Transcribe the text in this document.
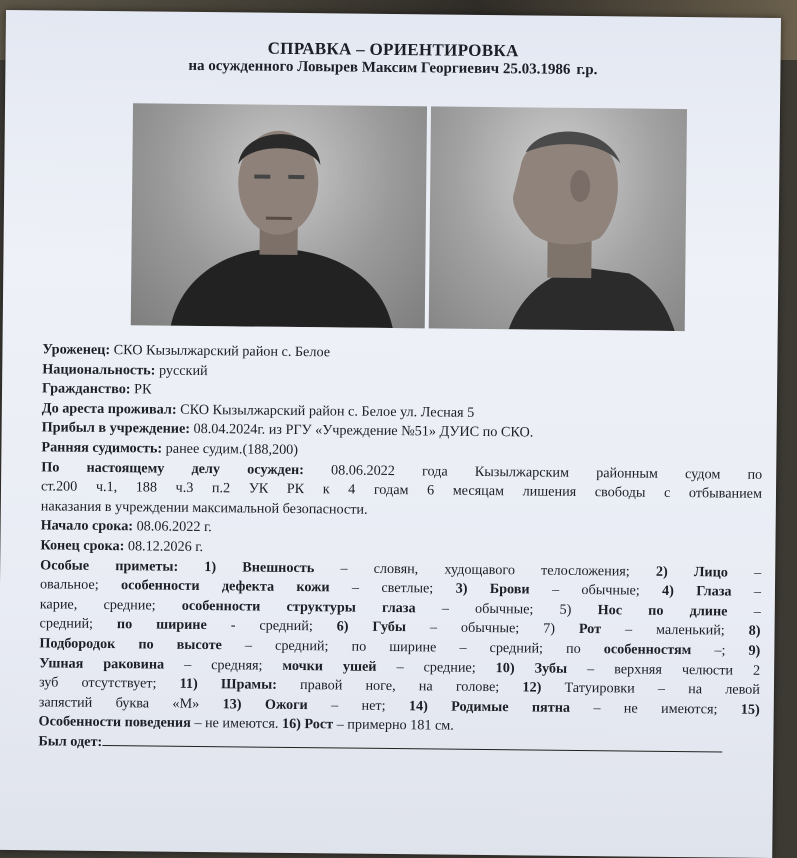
СПРАВКА – ОРИЕНТИРОВКА
на осужденного Ловырев Максим Георгиевич 25.03.1986 г.р.
Уроженец: СКО Кызылжарский район с. Белое
Национальность: русский
Гражданство: РК
До ареста проживал: СКО Кызылжарский район с. Белое ул. Лесная 5
Прибыл в учреждение: 08.04.2024г. из РГУ «Учреждение №51» ДУИС по СКО.
Ранняя судимость: ранее судим.(188,200)
По настоящему делу осужден: 08.06.2022 года Кызылжарским районным судом по
ст.200 ч.1, 188 ч.3 п.2 УК РК к 4 годам 6 месяцам лишения свободы с отбыванием
наказания в учреждении максимальной безопасности.
Начало срока: 08.06.2022 г.
Конец срока: 08.12.2026 г.
Особые приметы: 1) Внешность – словян, худощавого телосложения; 2) Лицо –
овальное; особенности дефекта кожи – светлые; 3) Брови – обычные; 4) Глаза –
карие, средние; особенности структуры глаза – обычные; 5) Нос по длине –
средний; по ширине - средний; 6) Губы – обычные; 7) Рот – маленький; 8)
Подбородок по высоте – средний; по ширине – средний; по особенностям –; 9)
Ушная раковина – средняя; мочки ушей – средние; 10) Зубы – верхняя челюсти 2
зуб отсутствует; 11) Шрамы: правой ноге, на голове; 12) Татуировки – на левой
запястий буква «М» 13) Ожоги – нет; 14) Родимые пятна – не имеются; 15)
Особенности поведения – не имеются. 16) Рост – примерно 181 см.
Был одет:
